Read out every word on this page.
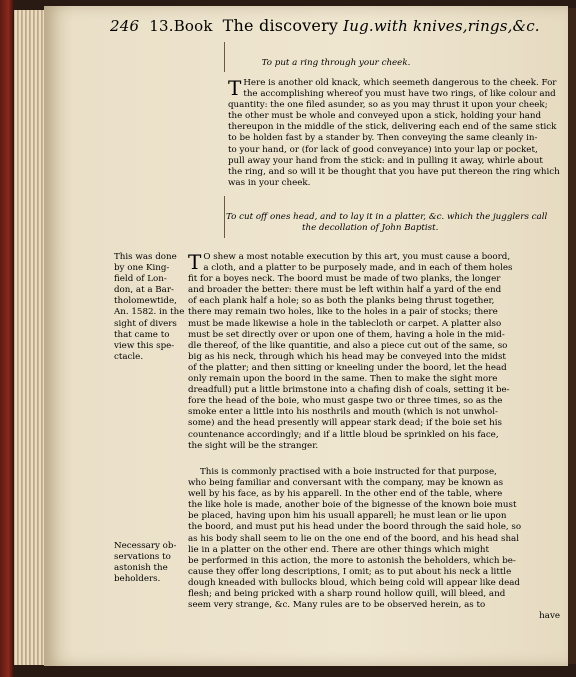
246 13.Book The discovery Iug.with knives,rings,&c.
To put a ring through your cheek.
T Here is another old knack, which seemeth dangerous to the cheek. For
the accomplishing whereof you must have two rings, of like colour and
quantity: the one filed asunder, so as you may thrust it upon your cheek;
the other must be whole and conveyed upon a stick, holding your hand
thereupon in the middle of the stick, delivering each end of the same stick
to be holden fast by a stander by. Then conveying the same cleanly in-
to your hand, or (for lack of good conveyance) into your lap or pocket,
pull away your hand from the stick: and in pulling it away, whirle about
the ring, and so will it be thought that you have put thereon the ring which
was in your cheek.
To cut off ones head, and to lay it in a platter, &c. which the jugglers call
the decollation of John Baptist.
This was done
by one King-
field of Lon-
don, at a Bar-
tholomewtide,
An. 1582. in the
sight of divers
that came to
view this spe-
ctacle.
T O shew a most notable execution by this art, you must cause a boord,
a cloth, and a platter to be purposely made, and in each of them holes
fit for a boyes neck. The boord must be made of two planks, the longer
and broader the better: there must be left within half a yard of the end
of each plank half a hole; so as both the planks being thrust together,
there may remain two holes, like to the holes in a pair of stocks; there
must be made likewise a hole in the tablecloth or carpet. A platter also
must be set directly over or upon one of them, having a hole in the mid-
dle thereof, of the like quantitie, and also a piece cut out of the same, so
big as his neck, through which his head may be conveyed into the midst
of the platter; and then sitting or kneeling under the boord, let the head
only remain upon the boord in the same. Then to make the sight more
dreadfull) put a little brimstone into a chafing dish of coals, setting it be-
fore the head of the boie, who must gaspe two or three times, so as the
smoke enter a little into his nosthrils and mouth (which is not unwhol-
some) and the head presently will appear stark dead; if the boie set his
countenance accordingly; and if a little bloud be sprinkled on his face,
the sight will be the stranger.
Necessary ob-
servations to
astonish the
beholders.
This is commonly practised with a boie instructed for that purpose,
who being familiar and conversant with the company, may be known as
well by his face, as by his apparell. In the other end of the table, where
the like hole is made, another boie of the bignesse of the known boie must
be placed, having upon him his usuall apparell; he must lean or lie upon
the boord, and must put his head under the boord through the said hole, so
as his body shall seem to lie on the one end of the boord, and his head shal
lie in a platter on the other end. There are other things which might
be performed in this action, the more to astonish the beholders, which be-
cause they offer long descriptions, I omit; as to put about his neck a little
dough kneaded with bullocks bloud, which being cold will appear like dead
flesh; and being pricked with a sharp round hollow quill, will bleed, and
seem very strange, &c. Many rules are to be observed herein, as to
have
